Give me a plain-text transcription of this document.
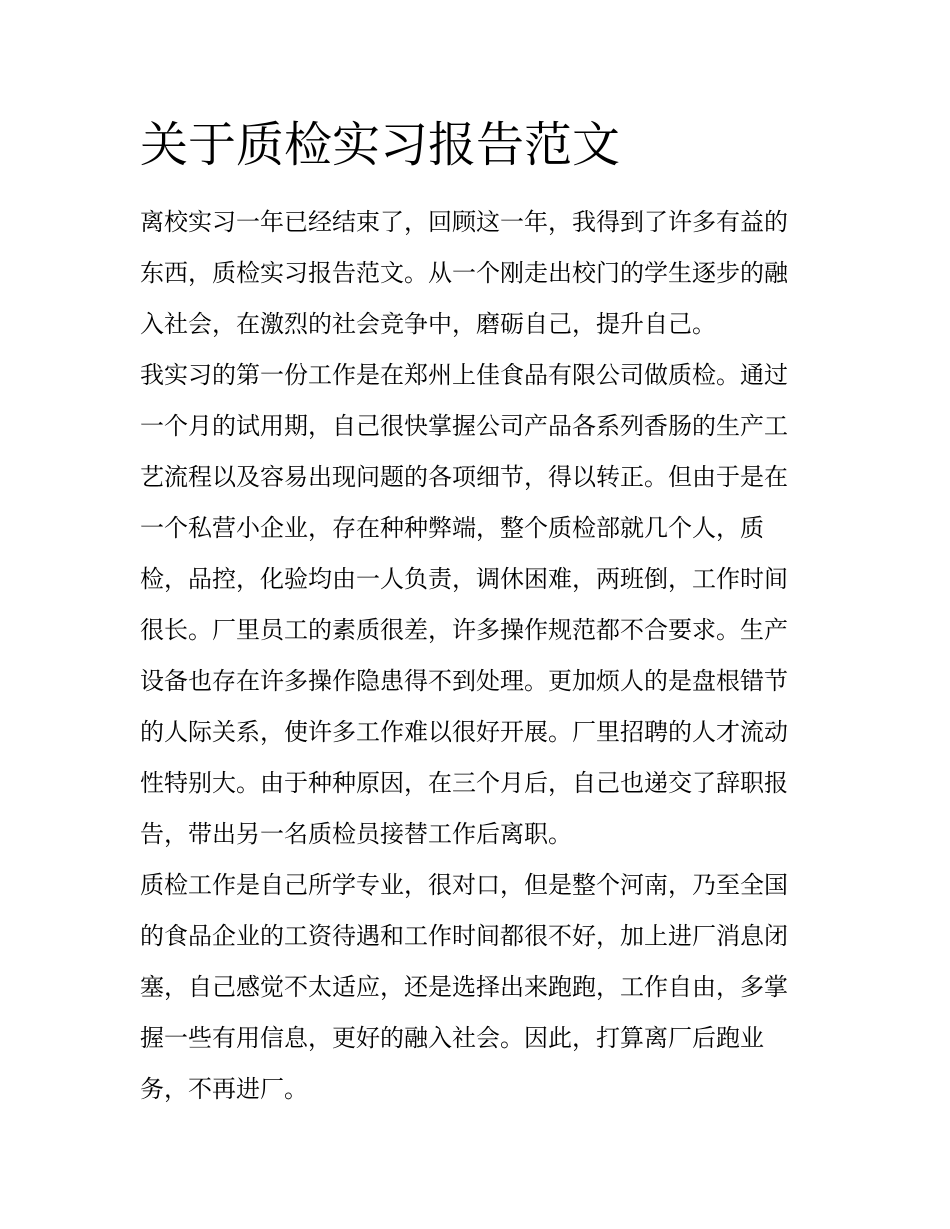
关于质检实习报告范文

离校实习一年已经结束了，回顾这一年，我得到了许多有益的
东西，质检实习报告范文。从一个刚走出校门的学生逐步的融
入社会，在激烈的社会竞争中，磨砺自己，提升自己。

我实习的第一份工作是在郑州上佳食品有限公司做质检。通过
一个月的试用期，自己很快掌握公司产品各系列香肠的生产工
艺流程以及容易出现问题的各项细节，得以转正。但由于是在
一个私营小企业，存在种种弊端，整个质检部就几个人，质
检，品控，化验均由一人负责，调休困难，两班倒，工作时间
很长。厂里员工的素质很差，许多操作规范都不合要求。生产
设备也存在许多操作隐患得不到处理。更加烦人的是盘根错节
的人际关系，使许多工作难以很好开展。厂里招聘的人才流动
性特别大。由于种种原因，在三个月后，自己也递交了辞职报
告，带出另一名质检员接替工作后离职。

质检工作是自己所学专业，很对口，但是整个河南，乃至全国
的食品企业的工资待遇和工作时间都很不好，加上进厂消息闭
塞，自己感觉不太适应，还是选择出来跑跑，工作自由，多掌
握一些有用信息，更好的融入社会。因此，打算离厂后跑业
务，不再进厂。
